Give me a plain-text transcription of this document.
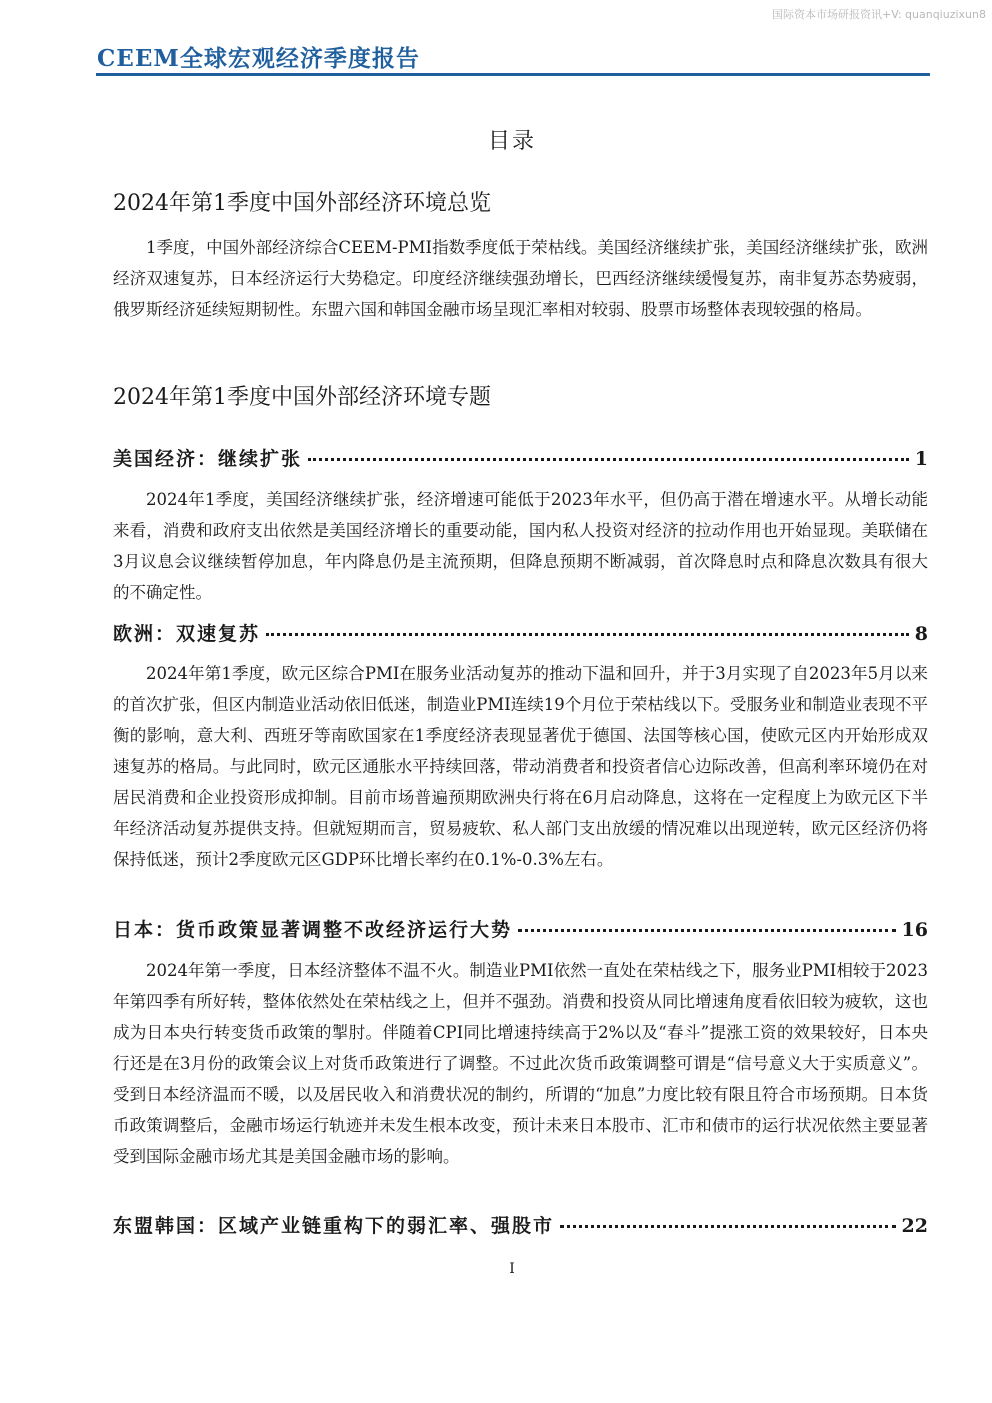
国际资本市场研报资讯+V: quanqiuzixun8
CEEM全球宏观经济季度报告
目录
2024年第1季度中国外部经济环境总览

1季度，中国外部经济综合CEEM-PMI指数季度低于荣枯线。美国经济继续扩张，美国经济继续扩张，欧洲经济双速复苏，日本经济运行大势稳定。印度经济继续强劲增长，巴西经济继续缓慢复苏，南非复苏态势疲弱，俄罗斯经济延续短期韧性。东盟六国和韩国金融市场呈现汇率相对较弱、股票市场整体表现较强的格局。

2024年第1季度中国外部经济环境专题
美国经济：继续扩张	1

2024年1季度，美国经济继续扩张，经济增速可能低于2023年水平，但仍高于潜在增速水平。从增长动能来看，消费和政府支出依然是美国经济增长的重要动能，国内私人投资对经济的拉动作用也开始显现。美联储在3月议息会议继续暂停加息，年内降息仍是主流预期，但降息预期不断减弱，首次降息时点和降息次数具有很大的不确定性。

欧洲：双速复苏	8

2024年第1季度，欧元区综合PMI在服务业活动复苏的推动下温和回升，并于3月实现了自2023年5月以来的首次扩张，但区内制造业活动依旧低迷，制造业PMI连续19个月位于荣枯线以下。受服务业和制造业表现不平衡的影响，意大利、西班牙等南欧国家在1季度经济表现显著优于德国、法国等核心国，使欧元区内开始形成双速复苏的格局。与此同时，欧元区通胀水平持续回落，带动消费者和投资者信心边际改善，但高利率环境仍在对居民消费和企业投资形成抑制。目前市场普遍预期欧洲央行将在6月启动降息，这将在一定程度上为欧元区下半年经济活动复苏提供支持。但就短期而言，贸易疲软、私人部门支出放缓的情况难以出现逆转，欧元区经济仍将保持低迷，预计2季度欧元区GDP环比增长率约在0.1%-0.3%左右。

日本：货币政策显著调整不改经济运行大势	16

2024年第一季度，日本经济整体不温不火。制造业PMI依然一直处在荣枯线之下，服务业PMI相较于2023年第四季有所好转，整体依然处在荣枯线之上，但并不强劲。消费和投资从同比增速角度看依旧较为疲软，这也成为日本央行转变货币政策的掣肘。伴随着CPI同比增速持续高于2%以及“春斗”提涨工资的效果较好，日本央行还是在3月份的政策会议上对货币政策进行了调整。不过此次货币政策调整可谓是“信号意义大于实质意义”。受到日本经济温而不暖，以及居民收入和消费状况的制约，所谓的“加息”力度比较有限且符合市场预期。日本货币政策调整后，金融市场运行轨迹并未发生根本改变，预计未来日本股市、汇市和债市的运行状况依然主要显著受到国际金融市场尤其是美国金融市场的影响。

东盟韩国：区域产业链重构下的弱汇率、强股市	22
I
